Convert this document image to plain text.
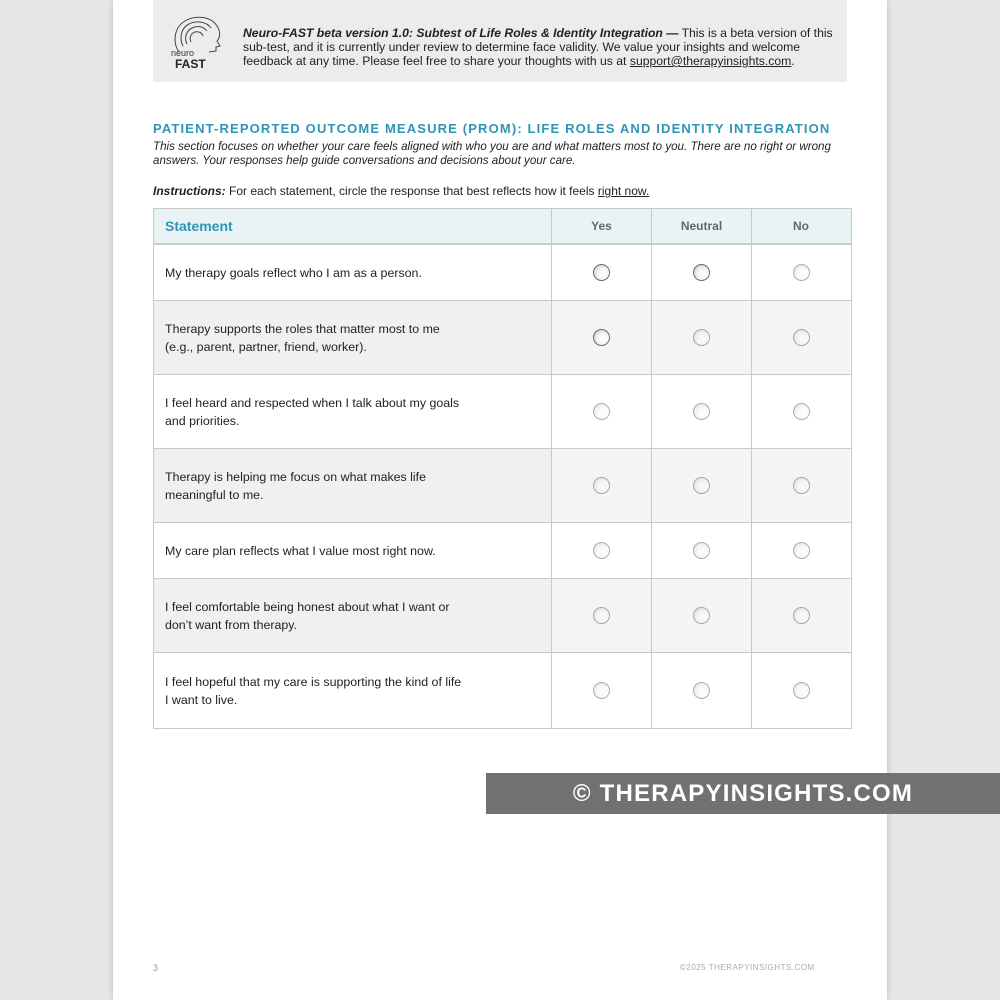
neuro
FAST
Neuro-FAST beta version 1.0: Subtest of Life Roles & Identity Integration — This is a beta version of this sub-test, and it is currently under review to determine face validity. We value your insights and welcome feedback at any time. Please feel free to share your thoughts with us at support@therapyinsights.com.
PATIENT-REPORTED OUTCOME MEASURE (PROM): LIFE ROLES AND IDENTITY INTEGRATION
This section focuses on whether your care feels aligned with who you are and what matters most to you. There are no right or wrong answers. Your responses help guide conversations and decisions about your care.
Instructions: For each statement, circle the response that best reflects how it feels right now.
Statement	Yes	Neutral	No
My therapy goals reflect who I am as a person.
Therapy supports the roles that matter most to me
(e.g., parent, partner, friend, worker).
I feel heard and respected when I talk about my goals
and priorities.
Therapy is helping me focus on what makes life
meaningful to me.
My care plan reflects what I value most right now.
I feel comfortable being honest about what I want or
don’t want from therapy.
I feel hopeful that my care is supporting the kind of life
I want to live.
© THERAPYINSIGHTS.COM
3	©2025 THERAPYINSIGHTS.COM
